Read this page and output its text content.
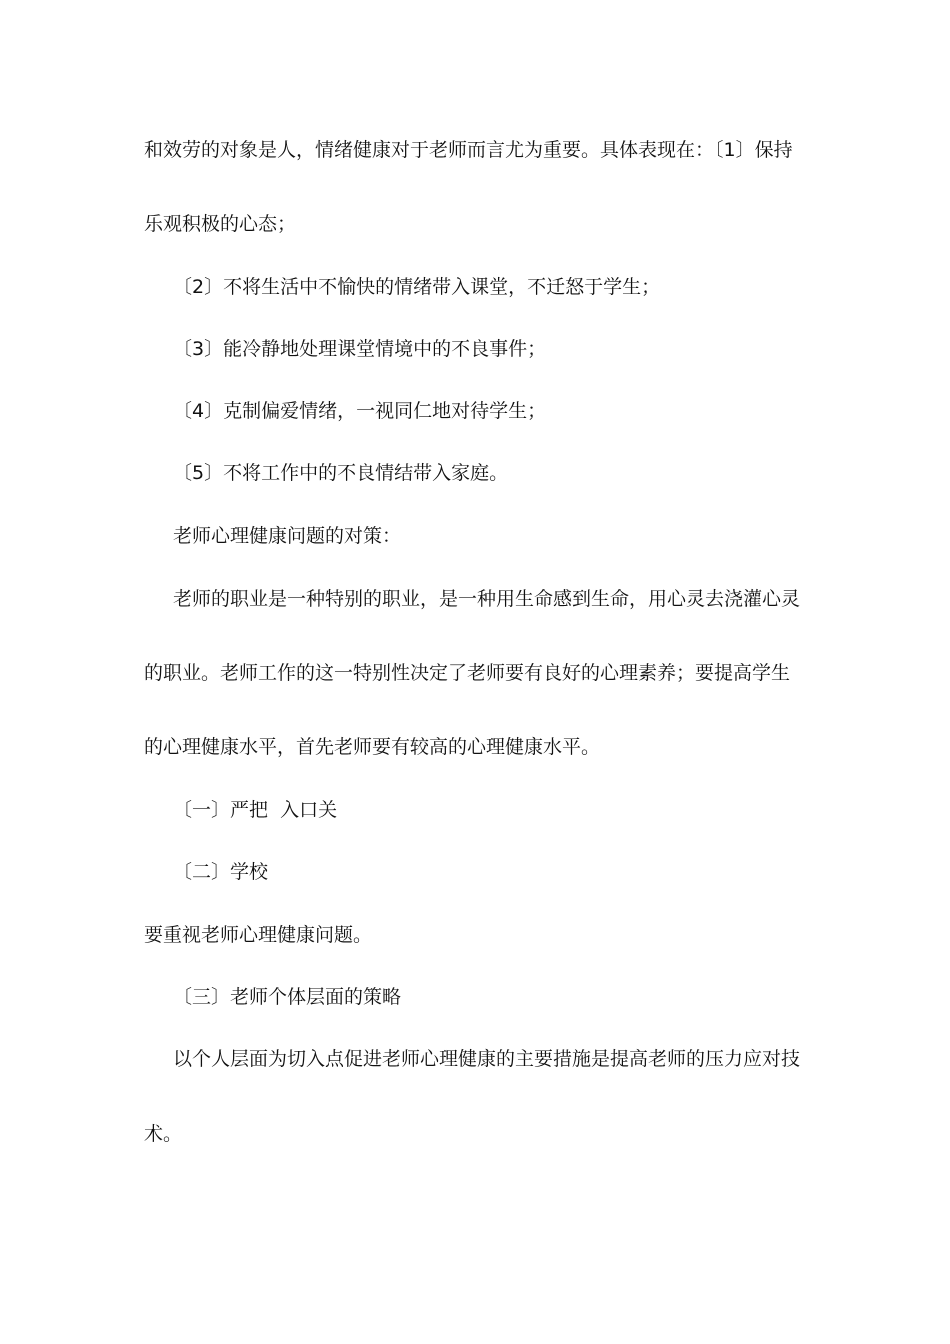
和效劳的对象是人，情绪健康对于老师而言尤为重要。具体表现在：〔1〕保持
乐观积极的心态；
〔2〕不将生活中不愉快的情绪带入课堂，不迁怒于学生；
〔3〕能冷静地处理课堂情境中的不良事件；
〔4〕克制偏爱情绪，一视同仁地对待学生；
〔5〕不将工作中的不良情结带入家庭。
老师心理健康问题的对策：
老师的职业是一种特别的职业，是一种用生命感到生命，用心灵去浇灌心灵
的职业。老师工作的这一特别性决定了老师要有良好的心理素养；要提高学生
的心理健康水平，首先老师要有较高的心理健康水平。
〔一〕严把  入口关
〔二〕学校
要重视老师心理健康问题。
〔三〕老师个体层面的策略
以个人层面为切入点促进老师心理健康的主要措施是提高老师的压力应对技
术。
